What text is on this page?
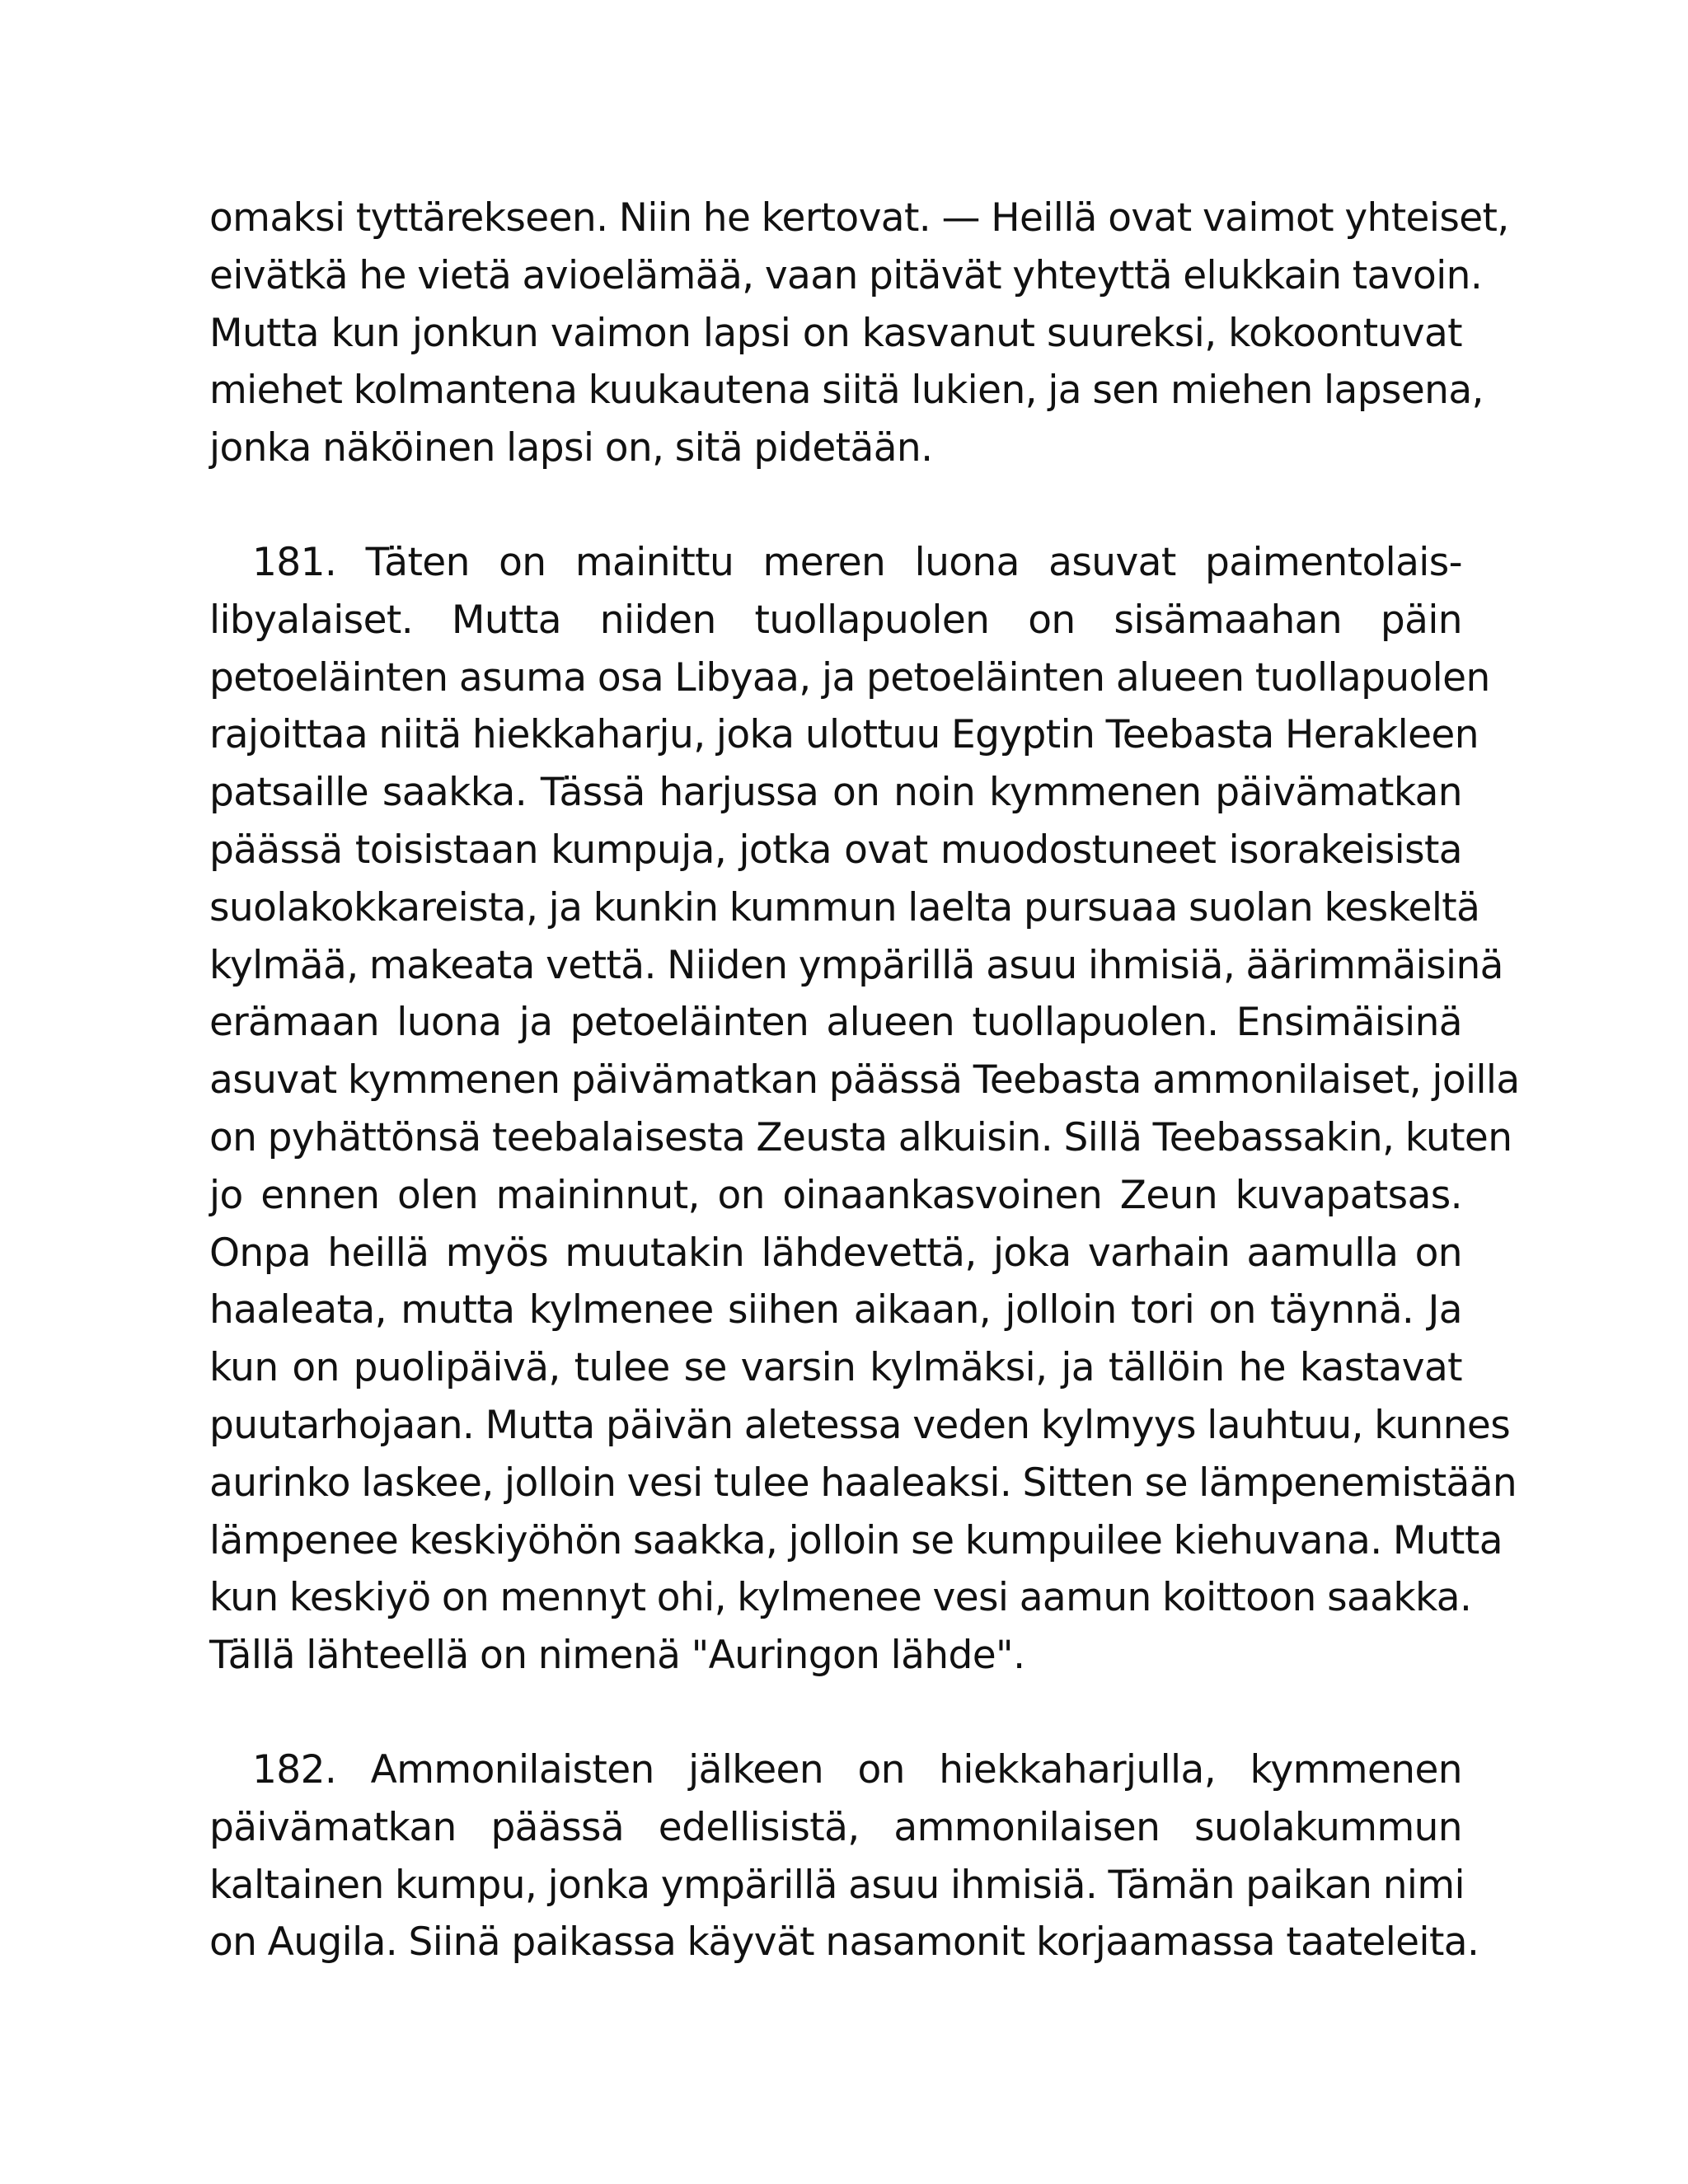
omaksi tyttärekseen. Niin he kertovat. — Heillä ovat vaimot yhteiset,
eivätkä he vietä avioelämää, vaan pitävät yhteyttä elukkain tavoin.
Mutta kun jonkun vaimon lapsi on kasvanut suureksi, kokoontuvat
miehet kolmantena kuukautena siitä lukien, ja sen miehen lapsena,
jonka näköinen lapsi on, sitä pidetään.
181. Täten on mainittu meren luona asuvat paimentolais-
libyalaiset. Mutta niiden tuollapuolen on sisämaahan päin
petoeläinten asuma osa Libyaa, ja petoeläinten alueen tuollapuolen
rajoittaa niitä hiekkaharju, joka ulottuu Egyptin Teebasta Herakleen
patsaille saakka. Tässä harjussa on noin kymmenen päivämatkan
päässä toisistaan kumpuja, jotka ovat muodostuneet isorakeisista
suolakokkareista, ja kunkin kummun laelta pursuaa suolan keskeltä
kylmää, makeata vettä. Niiden ympärillä asuu ihmisiä, äärimmäisinä
erämaan luona ja petoeläinten alueen tuollapuolen. Ensimäisinä
asuvat kymmenen päivämatkan päässä Teebasta ammonilaiset, joilla
on pyhättönsä teebalaisesta Zeusta alkuisin. Sillä Teebassakin, kuten
jo ennen olen maininnut, on oinaankasvoinen Zeun kuvapatsas.
Onpa heillä myös muutakin lähdevettä, joka varhain aamulla on
haaleata, mutta kylmenee siihen aikaan, jolloin tori on täynnä. Ja
kun on puolipäivä, tulee se varsin kylmäksi, ja tällöin he kastavat
puutarhojaan. Mutta päivän aletessa veden kylmyys lauhtuu, kunnes
aurinko laskee, jolloin vesi tulee haaleaksi. Sitten se lämpenemistään
lämpenee keskiyöhön saakka, jolloin se kumpuilee kiehuvana. Mutta
kun keskiyö on mennyt ohi, kylmenee vesi aamun koittoon saakka.
Tällä lähteellä on nimenä "Auringon lähde".
182. Ammonilaisten jälkeen on hiekkaharjulla, kymmenen
päivämatkan päässä edellisistä, ammonilaisen suolakummun
kaltainen kumpu, jonka ympärillä asuu ihmisiä. Tämän paikan nimi
on Augila. Siinä paikassa käyvät nasamonit korjaamassa taateleita.
